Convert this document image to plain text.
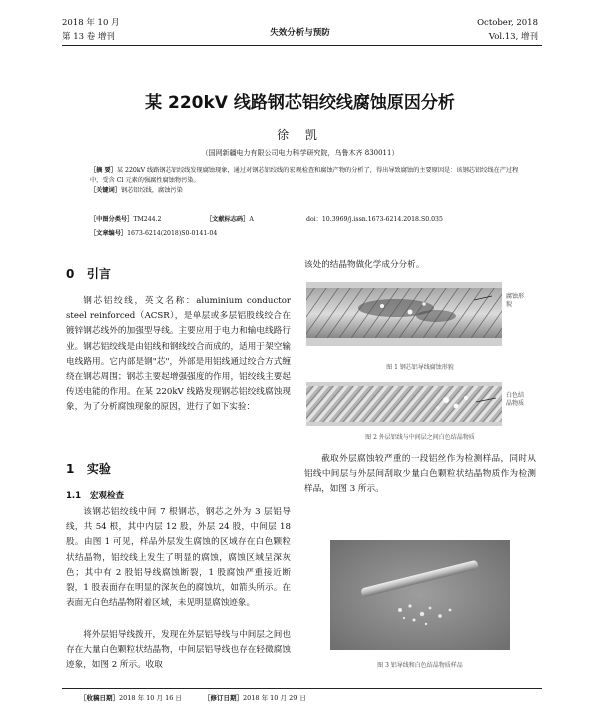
2018 年 10 月
第 13 卷 增刊	失效分析与预防
October, 2018
Vol.13, 增刊
某 220kV 线路钢芯铝绞线腐蚀原因分析
徐 凯
（国网新疆电力有限公司电力科学研究院，乌鲁木齐 830011）
［摘 要］某 220kV 线路钢芯铝绞线发现腐蚀现象，通过对钢芯铝绞线的宏观检查和腐蚀产物的分析了，得出导致腐蚀的主要原因是：该钢芯铝绞线在产过程中，受含 Cl 元素的强腐性腐蚀物污染。
［关键词］钢芯铝绞线，腐蚀污染
［中图分类号］TM244.2	［文献标志码］A	doi：10.3969/j.issn.1673-6214.2018.S0.035
［文章编号］1673-6214(2018)S0-0141-04
0 引言
钢芯铝绞线，英文名称：aluminium conductor steel reinforced（ACSR），是单层或多层铝股线绞合在镀锌钢芯线外的加强型导线。主要应用于电力和输电线路行业。钢芯铝绞线是由铝线和钢线绞合而成的，适用于架空输电线路用。它内部是钢"芯"，外部是用铝线通过绞合方式缠绕在钢芯周围；钢芯主要起增强强度的作用，铝绞线主要起传送电能的作用。在某 220kV 线路发现钢芯铝绞线腐蚀现象，为了分析腐蚀现象的原因，进行了如下实验：
1 实验
1.1 宏观检查
该钢芯铝绞线中间 7 根钢芯，钢芯之外为 3 层铝导线，共 54 根，其中内层 12 股，外层 24 股，中间层 18 股。由图 1 可见，样品外层发生腐蚀的区域存在白色颗粒状结晶物，铝绞线上发生了明显的腐蚀，腐蚀区域呈深灰色；其中有 2 股铝导线腐蚀断裂，1 股腐蚀严重接近断裂，1 股表面存在明显的深灰色的腐蚀坑，如箭头所示。在表面无白色结晶物附着区域，未见明显腐蚀迹象。
将外层铝导线拨开，发现在外层铝导线与中间层之间也存在大量白色颗粒状结晶物，中间层铝导线也存在轻微腐蚀迹象，如图 2 所示。收取
该处的结晶物做化学成分分析。
腐蚀形貌
图 1 钢芯铝导线腐蚀形貌
白色结晶物质
图 2 外层铝线与中间层之间白色结晶物质
截取外层腐蚀较严重的一段铝丝作为检测样品，同时从铝线中间层与外层间刮取少量白色颗粒状结晶物质作为检测样品，如图 3 所示。
图 3 铝导线和白色结晶物质样品
［收稿日期］2018 年 10 月 16 日	［修订日期］2018 年 10 月 29 日
